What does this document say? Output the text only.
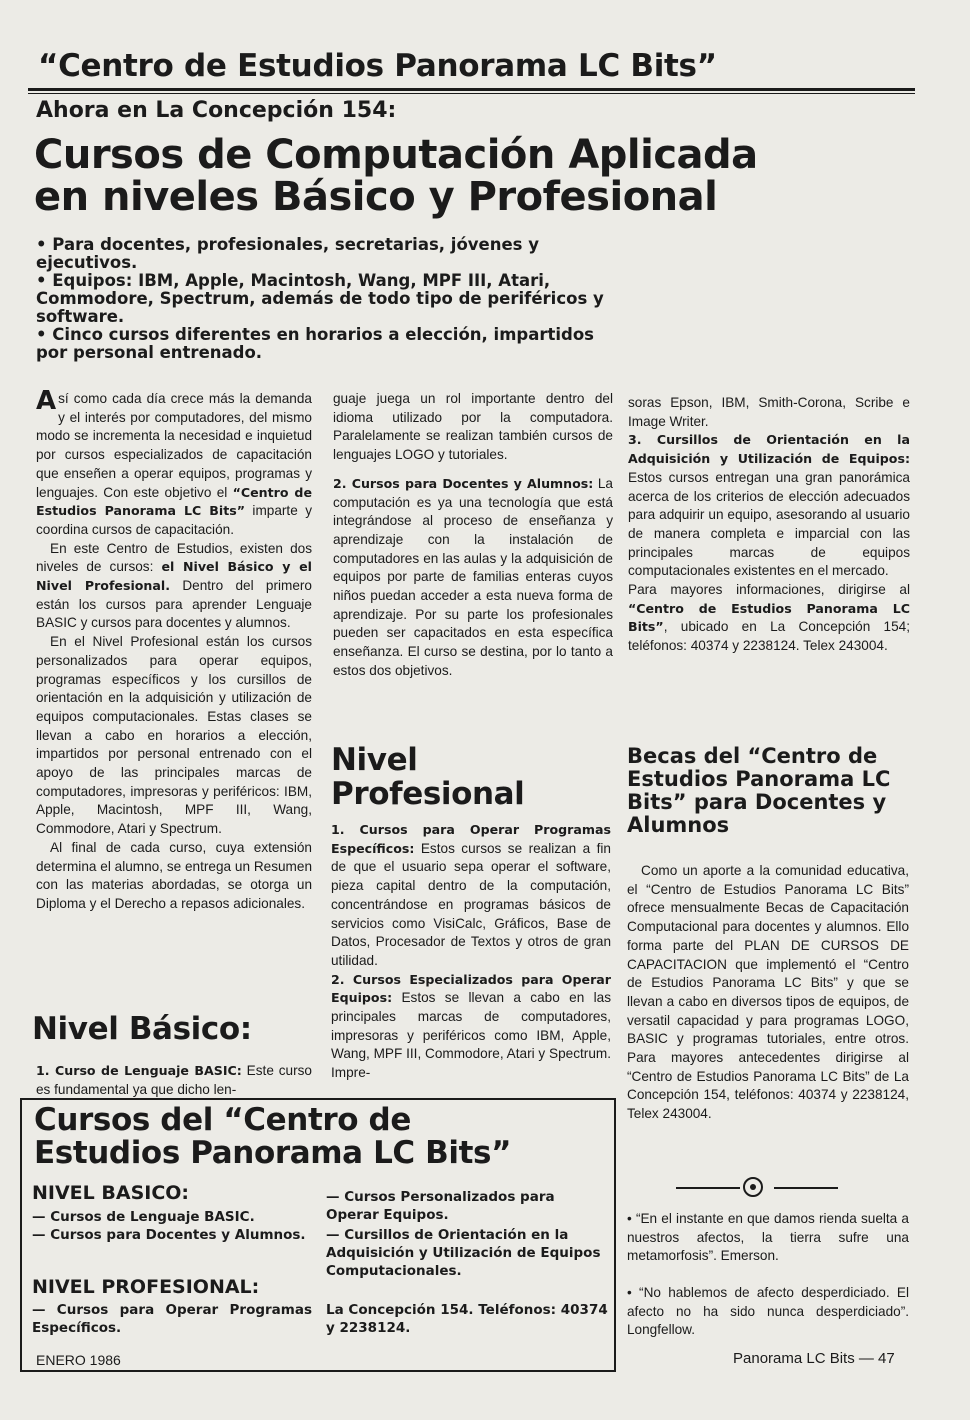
“Centro de Estudios Panorama LC Bits”
Ahora en La Concepción 154:
Cursos de Computación Aplicada
en niveles Básico y Profesional
• Para docentes, profesionales, secretarias, jóvenes y ejecutivos.
• Equipos: IBM, Apple, Macintosh, Wang, MPF III, Atari, Commodore, Spectrum, además de todo tipo de periféricos y software.
• Cinco cursos diferentes en horarios a elección, impartidos por personal entrenado.

Así como cada día crece más la demanda y el interés por computadores, del mismo modo se incrementa la necesidad e inquietud por cursos especializados de capacitación que enseñen a operar equipos, programas y lenguajes. Con este objetivo el “Centro de Estudios Panorama LC Bits” imparte y coordina cursos de capacitación.

En este Centro de Estudios, existen dos niveles de cursos: el Nivel Básico y el Nivel Profesional. Dentro del primero están los cursos para aprender Lenguaje BASIC y cursos para docentes y alumnos.

En el Nivel Profesional están los cursos personalizados para operar equipos, programas específicos y los cursillos de orientación en la adquisición y utilización de equipos computacionales. Estas clases se llevan a cabo en horarios a elección, impartidos por personal entrenado con el apoyo de las principales marcas de computadores, impresoras y periféricos: IBM, Apple, Macintosh, MPF III, Wang, Commodore, Atari y Spectrum.

Al final de cada curso, cuya extensión determina el alumno, se entrega un Resumen con las materias abordadas, se otorga un Diploma y el Derecho a repasos adicionales.

Nivel Básico:

1. Curso de Lenguaje BASIC: Este curso es fundamental ya que dicho len-

guaje juega un rol importante dentro del idioma utilizado por la computadora. Paralelamente se realizan también cursos de lenguajes LOGO y tutoriales.

2. Cursos para Docentes y Alumnos: La computación es ya una tecnología que está integrándose al proceso de enseñanza y aprendizaje con la instalación de computadores en las aulas y la adquisición de equipos por parte de familias enteras cuyos niños puedan acceder a esta nueva forma de aprendizaje. Por su parte los profesionales pueden ser capacitados en esta específica enseñanza. El curso se destina, por lo tanto a estos dos objetivos.

Nivel
Profesional

1. Cursos para Operar Programas Específicos: Estos cursos se realizan a fin de que el usuario sepa operar el software, pieza capital dentro de la computación, concentrándose en programas básicos de servicios como VisiCalc, Gráficos, Base de Datos, Procesador de Textos y otros de gran utilidad.

2. Cursos Especializados para Operar Equipos: Estos se llevan a cabo en las principales marcas de computadores, impresoras y periféricos como IBM, Apple, Wang, MPF III, Commodore, Atari y Spectrum. Impre-

soras Epson, IBM, Smith-Corona, Scribe e Image Writer.

3. Cursillos de Orientación en la Adquisición y Utilización de Equipos: Estos cursos entregan una gran panorámica acerca de los criterios de elección adecuados para adquirir un equipo, asesorando al usuario de manera completa e imparcial con las principales marcas de equipos computacionales existentes en el mercado.

Para mayores informaciones, dirigirse al “Centro de Estudios Panorama LC Bits”, ubicado en La Concepción 154; teléfonos: 40374 y 2238124. Telex 243004.

Becas del “Centro de Estudios Panorama LC Bits” para Docentes y Alumnos

Como un aporte a la comunidad educativa, el “Centro de Estudios Panorama LC Bits” ofrece mensualmente Becas de Capacitación Computacional para docentes y alumnos. Ello forma parte del PLAN DE CURSOS DE CAPACITACION que implementó el “Centro de Estudios Panorama LC Bits” y que se llevan a cabo en diversos tipos de equipos, de versatil capacidad y para programas LOGO, BASIC y programas tutoriales, entre otros. Para mayores antecedentes dirigirse al “Centro de Estudios Panorama LC Bits” de La Concepción 154, teléfonos: 40374 y 2238124, Telex 243004.

• “En el instante en que damos rienda suelta a nuestros afectos, la tierra sufre una metamorfosis”. Emerson.
• “No hablemos de afecto desperdiciado. El afecto no ha sido nunca desperdiciado”. Longfellow.
Cursos del “Centro de
Estudios Panorama LC Bits”
NIVEL BASICO:
— Cursos de Lenguaje BASIC.
— Cursos para Docentes y Alumnos.
NIVEL PROFESIONAL:
— Cursos para Operar Programas Específicos.
— Cursos Personalizados para Operar Equipos.
— Cursillos de Orientación en la Adquisición y Utilización de Equipos Computacionales.
La Concepción 154. Teléfonos: 40374 y 2238124.
ENERO 1986	Panorama LC Bits — 47
